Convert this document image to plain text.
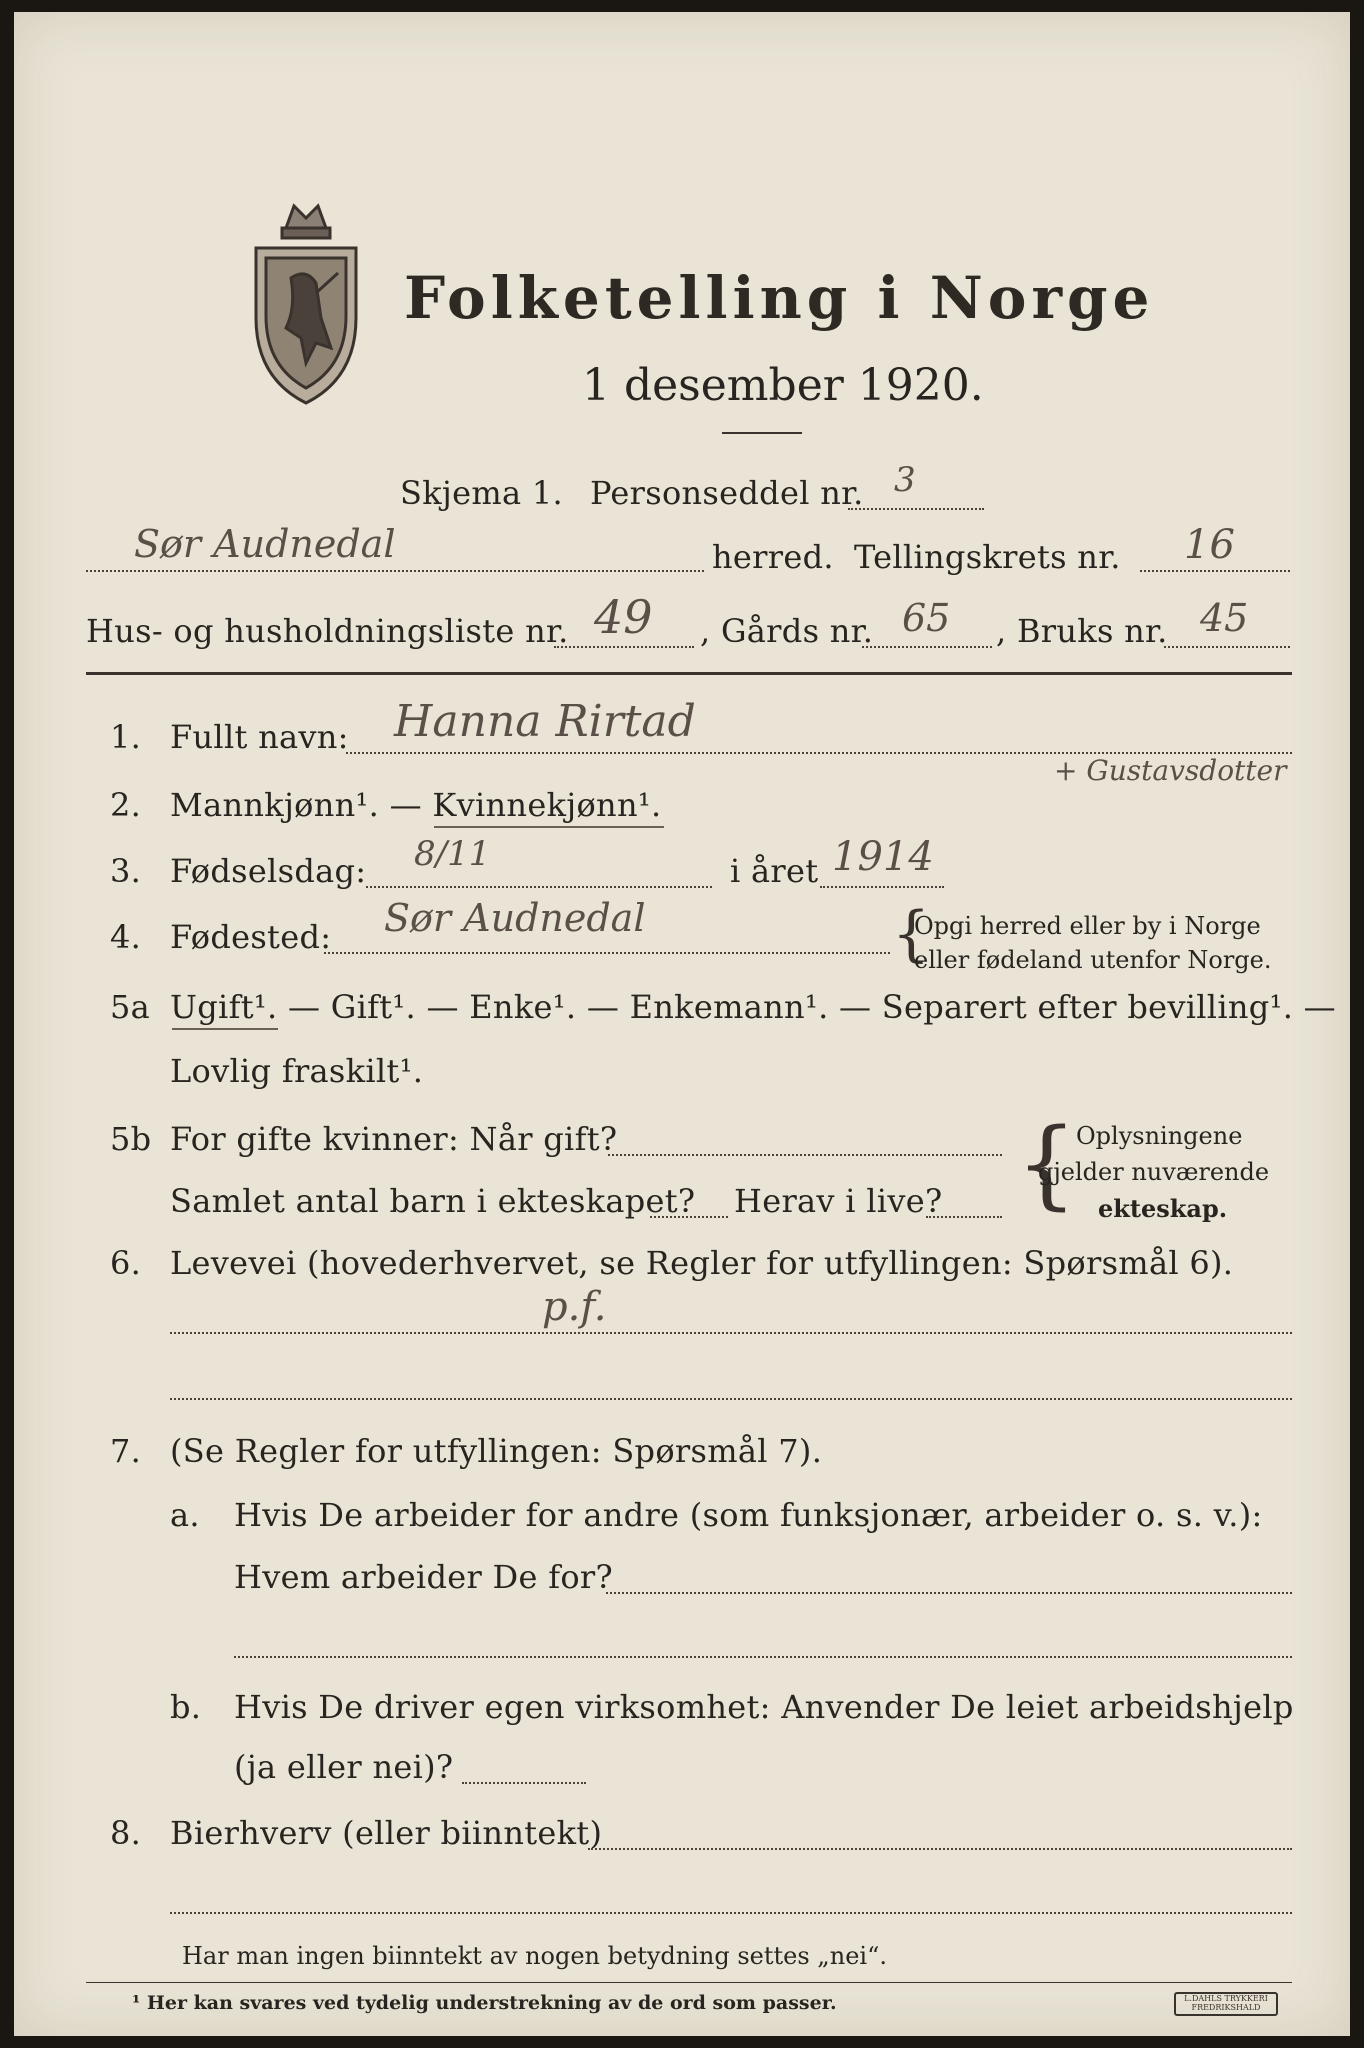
Folketelling i Norge
1 desember 1920.
Skjema 1. Personseddel nr. 3
Sør Audnedal	herred. Tellingskrets nr. 16
Hus- og husholdningsliste nr. 49 , Gårds nr. 65 , Bruks nr. 45
1. Fullt navn: Hanna Rirtad
+ Gustavsdotter
2. Mannkjønn¹. — Kvinnekjønn¹.
3. Fødselsdag: 8/11	i året 1914
4. Fødested: Sør Audnedal	{
Opgi herred eller by i Norge
eller fødeland utenfor Norge.
5a Ugift¹. — Gift¹. — Enke¹. — Enkemann¹. — Separert efter bevilling¹. —
Lovlig fraskilt¹.
5b For gifte kvinner: Når gift?
Samlet antal barn i ekteskapet? Herav i live? {
Oplysningene
gjelder nuværende
ekteskap.
6. Levevei (hovederhvervet, se Regler for utfyllingen: Spørsmål 6).
p.f.
7. (Se Regler for utfyllingen: Spørsmål 7).
a. Hvis De arbeider for andre (som funksjonær, arbeider o. s. v.):
Hvem arbeider De for?
b. Hvis De driver egen virksomhet: Anvender De leiet arbeidshjelp
(ja eller nei)?
8. Bierhverv (eller biinntekt)
Har man ingen biinntekt av nogen betydning settes „nei“.
¹ Her kan svares ved tydelig understrekning av de ord som passer.	L.DAHLS TRYKKERI FREDRIKSHALD
